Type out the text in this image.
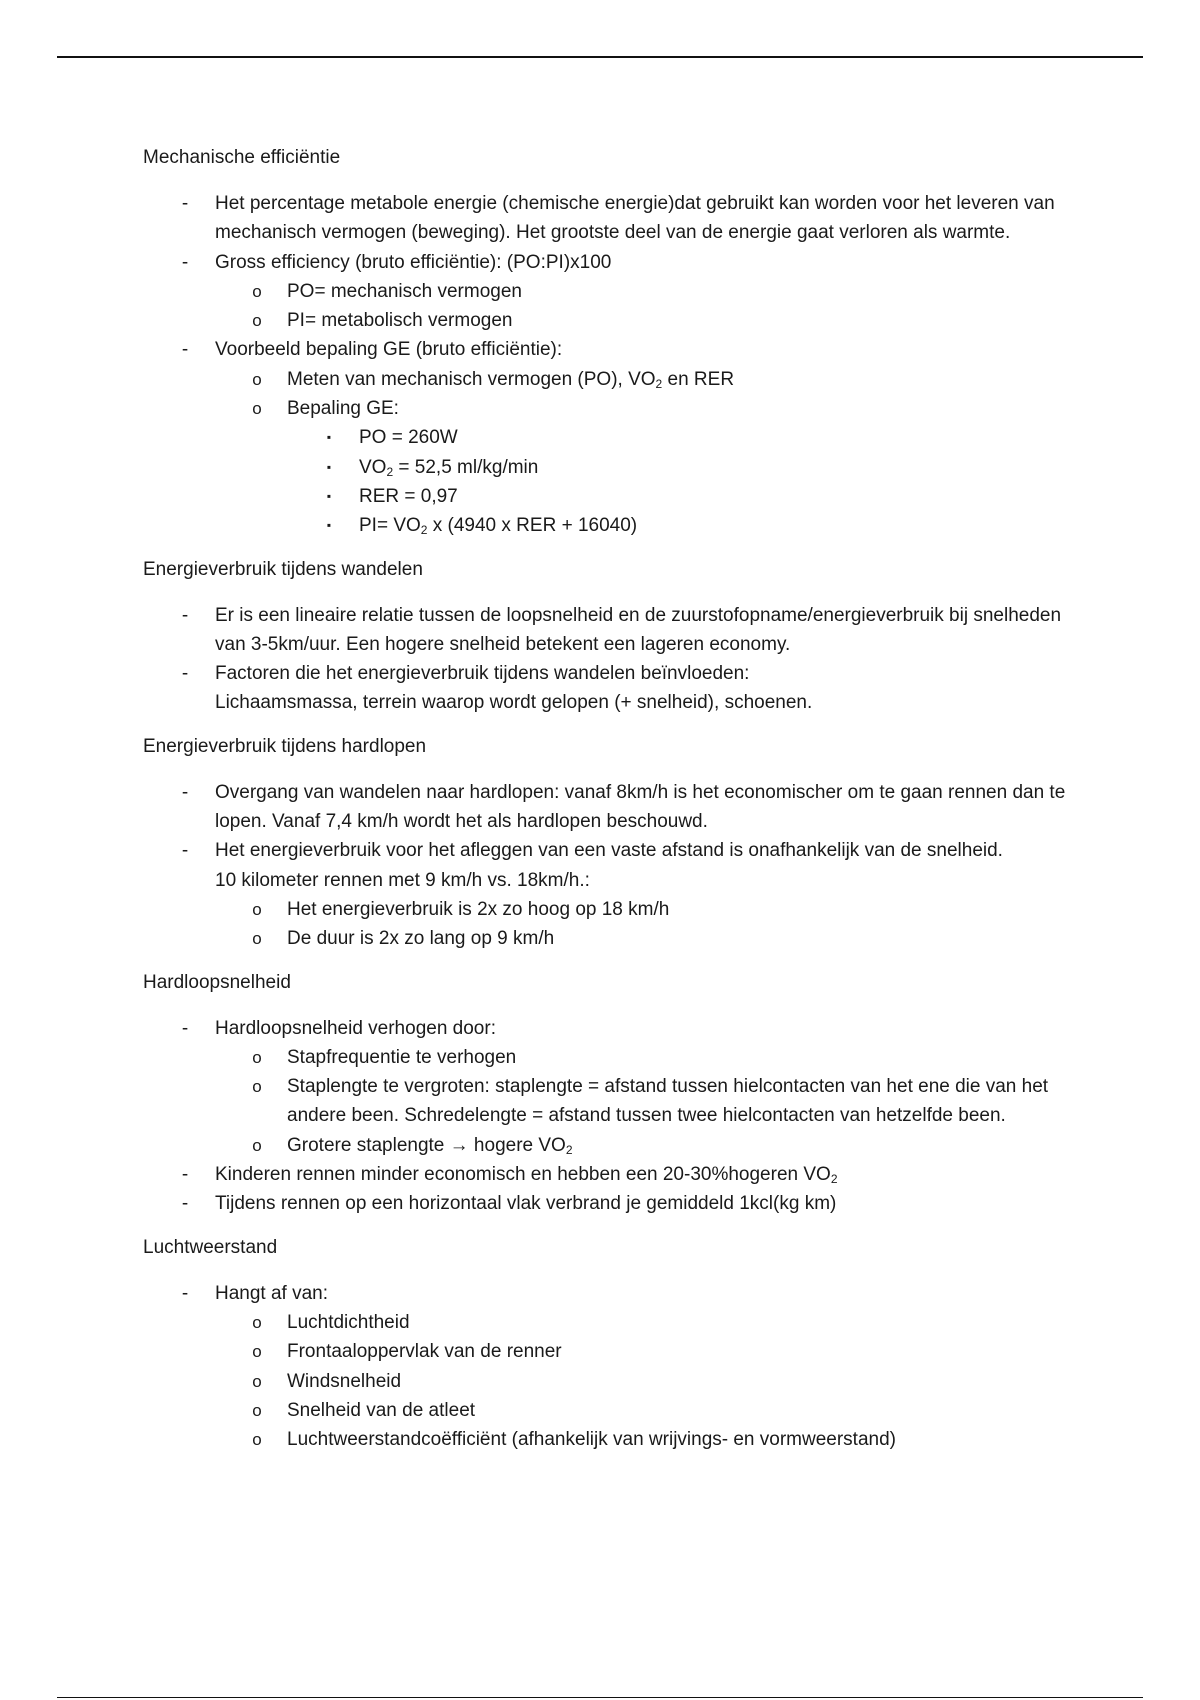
Mechanische efficiëntie

-	Het percentage metabole energie (chemische energie)dat gebruikt kan worden voor het leveren van mechanisch vermogen (beweging). Het grootste deel van de energie gaat verloren als warmte.
-	Gross efficiency (bruto efficiëntie): (PO:PI)x100
o PO= mechanisch vermogen
o PI= metabolisch vermogen
-	Voorbeeld bepaling GE (bruto efficiëntie):
o Meten van mechanisch vermogen (PO), $VO_2$ en RER
o Bepaling GE:
▪	PO = 260W
▪	$VO_2 = 52,5$ ml/kg/min
▪	RER = 0,97
▪	$PI= VO_2$ x (4940 x RER + 16040)

Energieverbruik tijdens wandelen

-	Er is een lineaire relatie tussen de loopsnelheid en de zuurstofopname/energieverbruik bij snelheden van 3-5km/uur. Een hogere snelheid betekent een lageren economy.
-	Factoren die het energieverbruik tijdens wandelen beïnvloeden:
Lichaamsmassa, terrein waarop wordt gelopen (+ snelheid), schoenen.

Energieverbruik tijdens hardlopen

-	Overgang van wandelen naar hardlopen: vanaf 8km/h is het economischer om te gaan rennen dan te lopen. Vanaf 7,4 km/h wordt het als hardlopen beschouwd.
-	Het energieverbruik voor het afleggen van een vaste afstand is onafhankelijk van de snelheid.
10 kilometer rennen met 9 km/h vs. 18km/h.:
o Het energieverbruik is 2x zo hoog op 18 km/h
o De duur is 2x zo lang op 9 km/h

Hardloopsnelheid

-	Hardloopsnelheid verhogen door:
o Stapfrequentie te verhogen
o Staplengte te vergroten: staplengte = afstand tussen hielcontacten van het ene die van het andere been. Schredelengte = afstand tussen twee hielcontacten van hetzelfde been.
o Grotere staplengte → hogere $VO_2$
-	Kinderen rennen minder economisch en hebben een 20-30%hogeren $VO_2$
-	Tijdens rennen op een horizontaal vlak verbrand je gemiddeld 1kcl(kg km)

Luchtweerstand

-	Hangt af van:
o Luchtdichtheid
o Frontaaloppervlak van de renner
o Windsnelheid
o Snelheid van de atleet
o Luchtweerstandcoëfficiënt (afhankelijk van wrijvings- en vormweerstand)
